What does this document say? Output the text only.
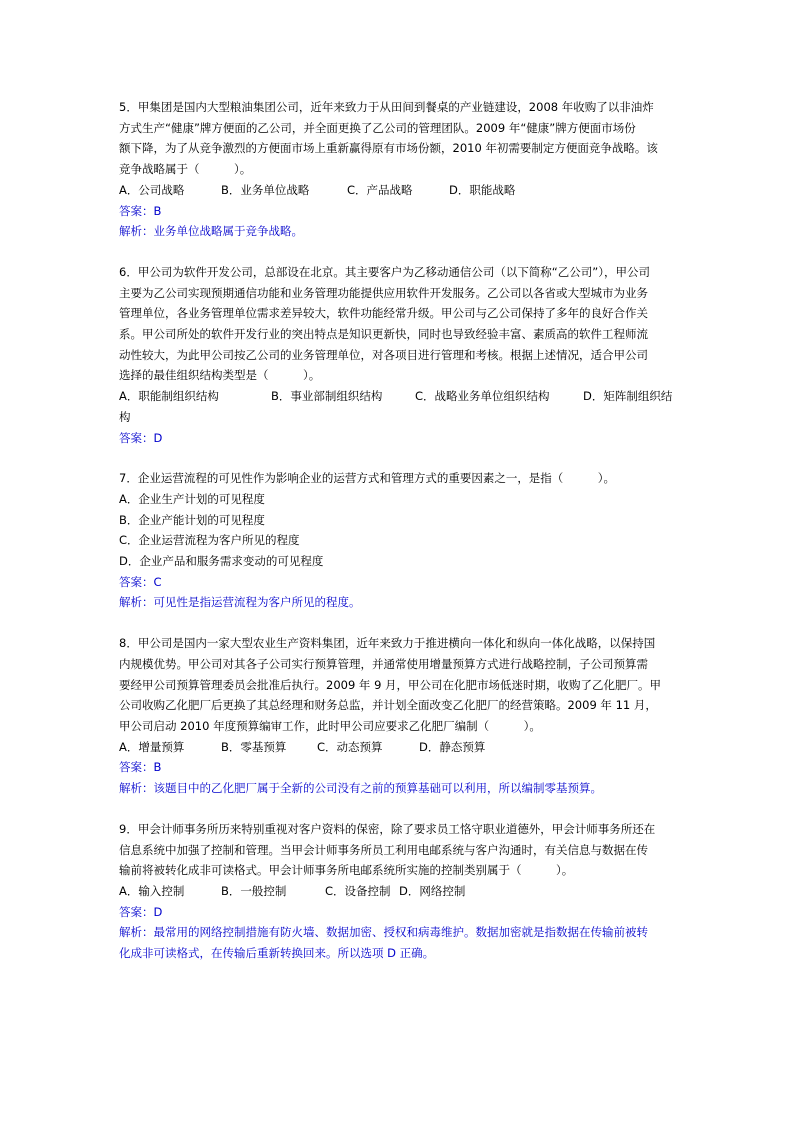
5．甲集团是国内大型粮油集团公司，近年来致力于从田间到餐桌的产业链建设，2008 年收购了以非油炸
方式生产“健康”牌方便面的乙公司，并全面更换了乙公司的管理团队。2009 年“健康”牌方便面市场份
额下降，为了从竞争激烈的方便面市场上重新赢得原有市场份额，2010 年初需要制定方便面竞争战略。该
竞争战略属于（　　　）。
A．公司战略	B．业务单位战略	C．产品战略	D．职能战略
答案：B
解析：业务单位战略属于竞争战略。
6．甲公司为软件开发公司，总部设在北京。其主要客户为乙移动通信公司（以下简称“乙公司”），甲公司
主要为乙公司实现预期通信功能和业务管理功能提供应用软件开发服务。乙公司以各省或大型城市为业务
管理单位，各业务管理单位需求差异较大，软件功能经常升级。甲公司与乙公司保持了多年的良好合作关
系。甲公司所处的软件开发行业的突出特点是知识更新快，同时也导致经验丰富、素质高的软件工程师流
动性较大，为此甲公司按乙公司的业务管理单位，对各项目进行管理和考核。根据上述情况，适合甲公司
选择的最佳组织结构类型是（　　　）。
A．职能制组织结构	B．事业部制组织结构	C．战略业务单位组织结构	D．矩阵制组织结
构
答案：D
7．企业运营流程的可见性作为影响企业的运营方式和管理方式的重要因素之一，是指（　　　）。
A．企业生产计划的可见程度
B．企业产能计划的可见程度
C．企业运营流程为客户所见的程度
D．企业产品和服务需求变动的可见程度
答案：C
解析：可见性是指运营流程为客户所见的程度。
8．甲公司是国内一家大型农业生产资料集团，近年来致力于推进横向一体化和纵向一体化战略，以保持国
内规模优势。甲公司对其各子公司实行预算管理，并通常使用增量预算方式进行战略控制，子公司预算需
要经甲公司预算管理委员会批准后执行。2009 年 9 月，甲公司在化肥市场低迷时期，收购了乙化肥厂。甲
公司收购乙化肥厂后更换了其总经理和财务总监，并计划全面改变乙化肥厂的经营策略。2009 年 11 月，
甲公司启动 2010 年度预算编审工作，此时甲公司应要求乙化肥厂编制（　　　）。
A．增量预算	B．零基预算	C．动态预算	D．静态预算
答案：B
解析：该题目中的乙化肥厂属于全新的公司没有之前的预算基础可以利用，所以编制零基预算。
9．甲会计师事务所历来特别重视对客户资料的保密，除了要求员工恪守职业道德外，甲会计师事务所还在
信息系统中加强了控制和管理。当甲会计师事务所员工利用电邮系统与客户沟通时，有关信息与数据在传
输前将被转化成非可读格式。甲会计师事务所电邮系统所实施的控制类别属于（　　　）。
A．输入控制	B．一般控制	C．设备控制 D．网络控制
答案：D
解析：最常用的网络控制措施有防火墙、数据加密、授权和病毒维护。数据加密就是指数据在传输前被转
化成非可读格式，在传输后重新转换回来。所以选项 D 正确。
